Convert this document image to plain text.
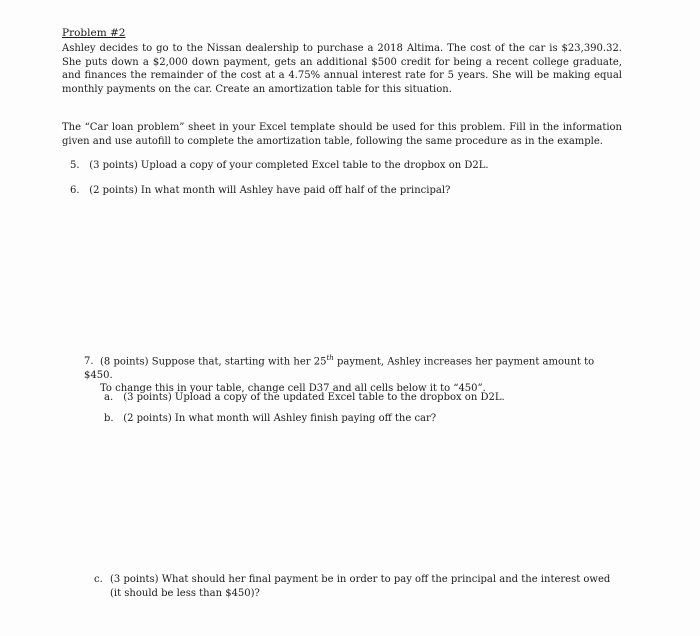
Problem #2
Ashley decides to go to the Nissan dealership to purchase a 2018 Altima. The cost of the car is $23,390.32. She puts down a $2,000 down payment, gets an additional $500 credit for being a recent college graduate, and finances the remainder of the cost at a 4.75% annual interest rate for 5 years. She will be making equal monthly payments on the car. Create an amortization table for this situation.
The “Car loan problem” sheet in your Excel template should be used for this problem. Fill in the information given and use autofill to complete the amortization table, following the same procedure as in the example.
5. (3 points) Upload a copy of your completed Excel table to the dropbox on D2L.
6. (2 points) In what month will Ashley have paid off half of the principal?
7. (8 points) Suppose that, starting with her 25th payment, Ashley increases her payment amount to $450.
To change this in your table, change cell D37 and all cells below it to “450”.
a. (3 points) Upload a copy of the updated Excel table to the dropbox on D2L.
b. (2 points) In what month will Ashley finish paying off the car?
c. (3 points) What should her final payment be in order to pay off the principal and the interest owed (it should be less than $450)?
